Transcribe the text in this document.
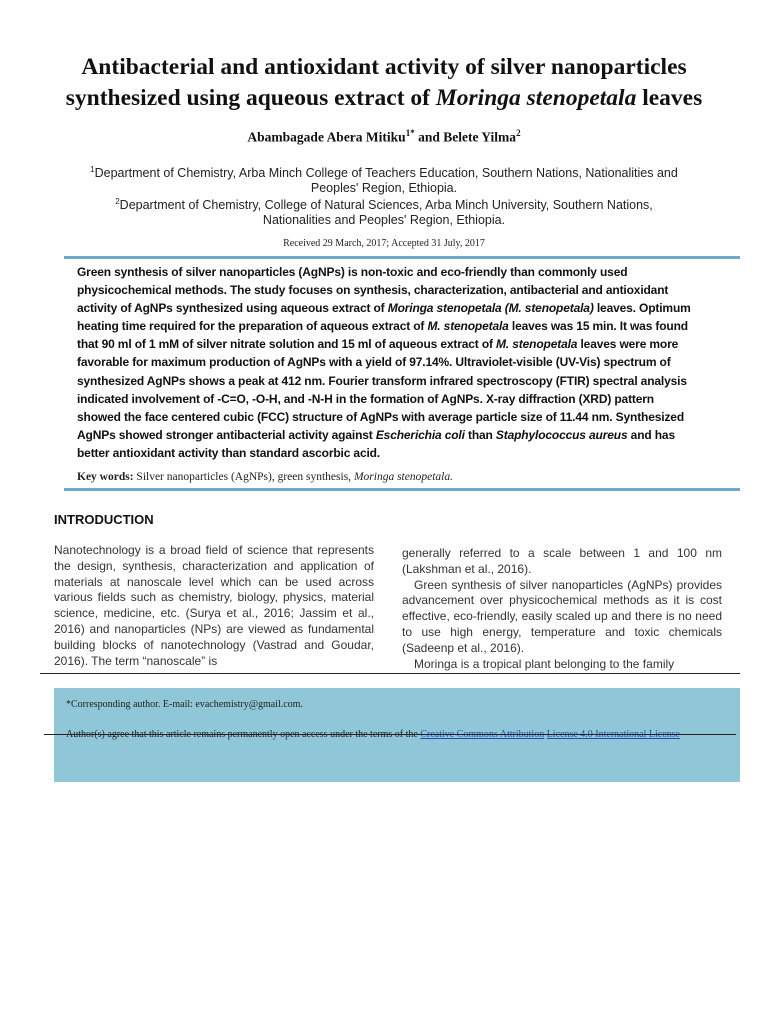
Antibacterial and antioxidant activity of silver nanoparticles synthesized using aqueous extract of Moringa stenopetala leaves
Abambagade Abera Mitiku$^{1*}$ and Belete Yilma$^2$
$^1$Department of Chemistry, Arba Minch College of Teachers Education, Southern Nations, Nationalities and Peoples' Region, Ethiopia.
$^2$Department of Chemistry, College of Natural Sciences, Arba Minch University, Southern Nations, Nationalities and Peoples' Region, Ethiopia.
Received 29 March, 2017; Accepted 31 July, 2017
Green synthesis of silver nanoparticles (AgNPs) is non-toxic and eco-friendly than commonly used physicochemical methods. The study focuses on synthesis, characterization, antibacterial and antioxidant activity of AgNPs synthesized using aqueous extract of Moringa stenopetala (M. stenopetala) leaves. Optimum heating time required for the preparation of aqueous extract of M. stenopetala leaves was 15 min. It was found that 90 ml of 1 mM of silver nitrate solution and 15 ml of aqueous extract of M. stenopetala leaves were more favorable for maximum production of AgNPs with a yield of 97.14%. Ultraviolet-visible (UV-Vis) spectrum of synthesized AgNPs shows a peak at 412 nm. Fourier transform infrared spectroscopy (FTIR) spectral analysis indicated involvement of -C=O, -O-H, and -N-H in the formation of AgNPs. X-ray diffraction (XRD) pattern showed the face centered cubic (FCC) structure of AgNPs with average particle size of 11.44 nm. Synthesized AgNPs showed stronger antibacterial activity against Escherichia coli than Staphylococcus aureus and has better antioxidant activity than standard ascorbic acid.
Key words: Silver nanoparticles (AgNPs), green synthesis, Moringa stenopetala.
INTRODUCTION

Nanotechnology is a broad field of science that represents the design, synthesis, characterization and application of materials at nanoscale level which can be used across various fields such as chemistry, biology, physics, material science, medicine, etc. (Surya et al., 2016; Jassim et al., 2016) and nanoparticles (NPs) are viewed as fundamental building blocks of nanotechnology (Vastrad and Goudar, 2016). The term “nanoscale” is

generally referred to a scale between 1 and 100 nm (Lakshman et al., 2016).

Green synthesis of silver nanoparticles (AgNPs) provides advancement over physicochemical methods as it is cost effective, eco-friendly, easily scaled up and there is no need to use high energy, temperature and toxic chemicals (Sadeenp et al., 2016).

Moringa is a tropical plant belonging to the family

*Corresponding author. E-mail: evachemistry@gmail.com.
